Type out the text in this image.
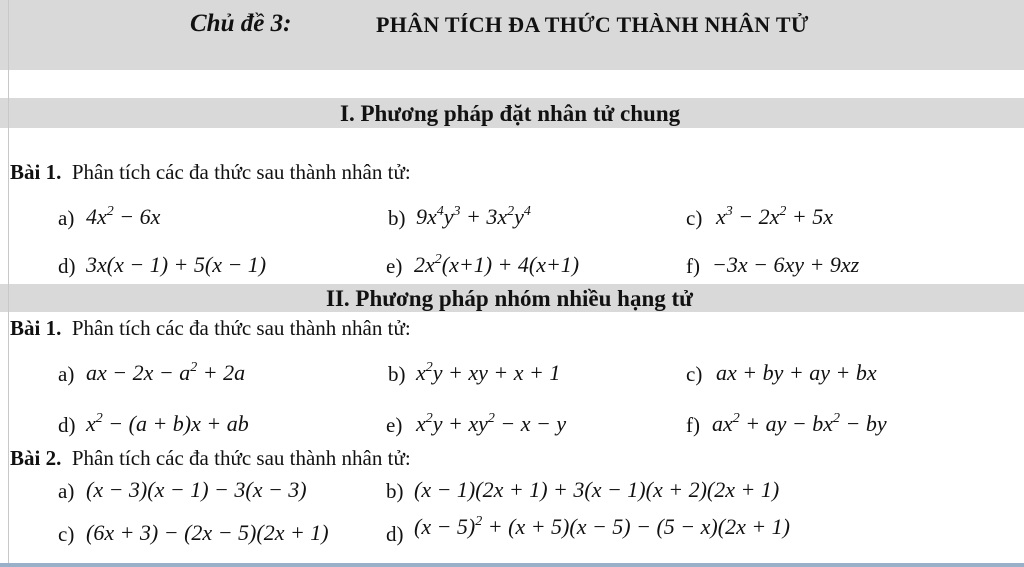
Chủ đề 3:	PHÂN TÍCH ĐA THỨC THÀNH NHÂN TỬ
I. Phương pháp đặt nhân tử chung
Bài 1. Phân tích các đa thức sau thành nhân tử:
a) $4x^2 - 6x$	b) $9x^4y^3 + 3x^2y^4$	c) $x^3 - 2x^2 + 5x$
d) 3x(x − 1) + 5(x − 1)	e) $2x^2(x+1) + 4(x+1)$	f) −3x − 6xy + 9xz
II. Phương pháp nhóm nhiều hạng tử
Bài 1. Phân tích các đa thức sau thành nhân tử:
a) ax − $2x - a^2 + 2a$	b) $x^2y$ + xy + x + 1	c) ax + by + ay + bx
d) $x^2 - (a + b)x$ + ab	e) $x^2y + xy^2 - x - y$	f) $ax^2$ + ay − $bx^2$ − by
Bài 2. Phân tích các đa thức sau thành nhân tử:
a) (x − 3)(x − 1) − 3(x − 3)	b) (x − 1)(2x + 1) + 3(x − 1)(x + 2)(2x + 1)
c) (6x + 3) − (2x − 5)(2x + 1)	d) $(x - 5)^2 + (x + 5)(x - 5) - (5 - x)(2x + 1)$
